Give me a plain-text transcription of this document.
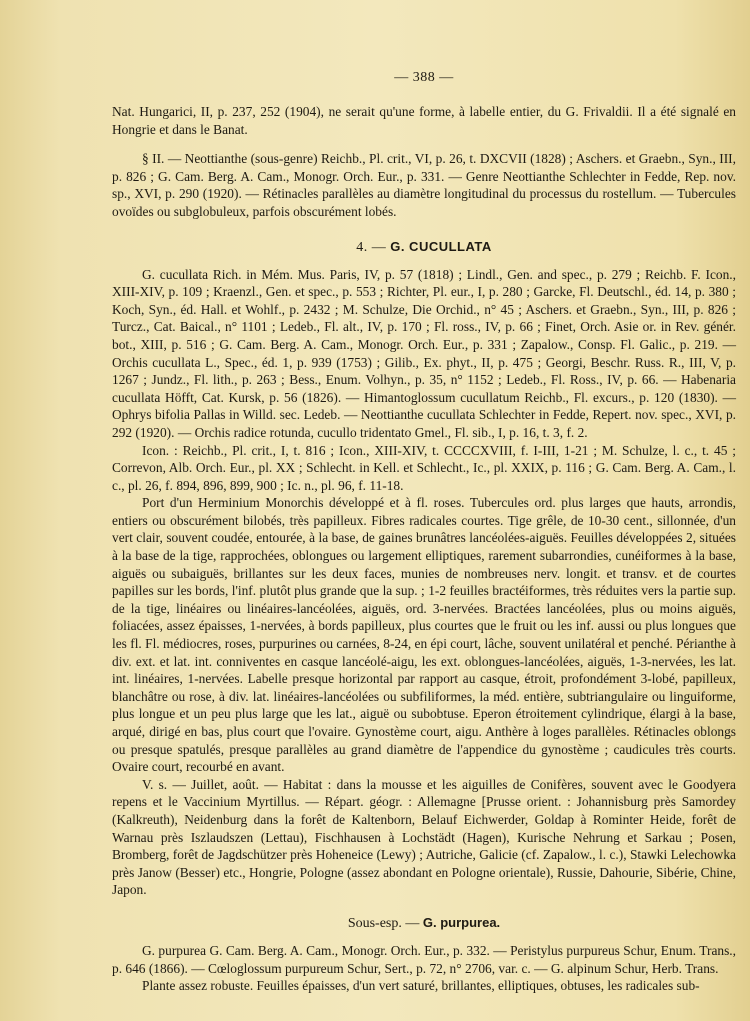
— 388 —

Nat. Hungarici, II, p. 237, 252 (1904), ne serait qu'une forme, à labelle entier, du G. Frivaldii. Il a été signalé en Hongrie et dans le Banat.

§ II. — Neottianthe (sous-genre) Reichb., Pl. crit., VI, p. 26, t. DXCVII (1828) ; Aschers. et Graebn., Syn., III, p. 826 ; G. Cam. Berg. A. Cam., Monogr. Orch. Eur., p. 331. — Genre Neottianthe Schlechter in Fedde, Rep. nov. sp., XVI, p. 290 (1920). — Rétinacles parallèles au diamètre longitudinal du processus du rostellum. — Tubercules ovoïdes ou subglobuleux, parfois obscurément lobés.

4. — G. CUCULLATA

G. cucullata Rich. in Mém. Mus. Paris, IV, p. 57 (1818) ; Lindl., Gen. and spec., p. 279 ; Reichb. F. Icon., XIII-XIV, p. 109 ; Kraenzl., Gen. et spec., p. 553 ; Richter, Pl. eur., I, p. 280 ; Garcke, Fl. Deutschl., éd. 14, p. 380 ; Koch, Syn., éd. Hall. et Wohlf., p. 2432 ; M. Schulze, Die Orchid., n° 45 ; Aschers. et Graebn., Syn., III, p. 826 ; Turcz., Cat. Baical., n° 1101 ; Ledeb., Fl. alt., IV, p. 170 ; Fl. ross., IV, p. 66 ; Finet, Orch. Asie or. in Rev. génér. bot., XIII, p. 516 ; G. Cam. Berg. A. Cam., Monogr. Orch. Eur., p. 331 ; Zapalow., Consp. Fl. Galic., p. 219. — Orchis cucullata L., Spec., éd. 1, p. 939 (1753) ; Gilib., Ex. phyt., II, p. 475 ; Georgi, Beschr. Russ. R., III, V, p. 1267 ; Jundz., Fl. lith., p. 263 ; Bess., Enum. Volhyn., p. 35, n° 1152 ; Ledeb., Fl. Ross., IV, p. 66. — Habenaria cucullata Höfft, Cat. Kursk, p. 56 (1826). — Himantoglossum cucullatum Reichb., Fl. excurs., p. 120 (1830). — Ophrys bifolia Pallas in Willd. sec. Ledeb. — Neottianthe cucullata Schlechter in Fedde, Repert. nov. spec., XVI, p. 292 (1920). — Orchis radice rotunda, cucullo tridentato Gmel., Fl. sib., I, p. 16, t. 3, f. 2.

Icon. : Reichb., Pl. crit., I, t. 816 ; Icon., XIII-XIV, t. CCCCXVIII, f. I-III, 1-21 ; M. Schulze, l. c., t. 45 ; Correvon, Alb. Orch. Eur., pl. XX ; Schlecht. in Kell. et Schlecht., Ic., pl. XXIX, p. 116 ; G. Cam. Berg. A. Cam., l. c., pl. 26, f. 894, 896, 899, 900 ; Ic. n., pl. 96, f. 11-18.

Port d'un Herminium Monorchis développé et à fl. roses. Tubercules ord. plus larges que hauts, arrondis, entiers ou obscurément bilobés, très papilleux. Fibres radicales courtes. Tige grêle, de 10-30 cent., sillonnée, d'un vert clair, souvent coudée, entourée, à la base, de gaines brunâtres lancéolées-aiguës. Feuilles développées 2, situées à la base de la tige, rapprochées, oblongues ou largement elliptiques, rarement subarrondies, cunéiformes à la base, aiguës ou subaiguës, brillantes sur les deux faces, munies de nombreuses nerv. longit. et transv. et de courtes papilles sur les bords, l'inf. plutôt plus grande que la sup. ; 1-2 feuilles bractéiformes, très réduites vers la partie sup. de la tige, linéaires ou linéaires-lancéolées, aiguës, ord. 3-nervées. Bractées lancéolées, plus ou moins aiguës, foliacées, assez épaisses, 1-nervées, à bords papilleux, plus courtes que le fruit ou les inf. aussi ou plus longues que les fl. Fl. médiocres, roses, purpurines ou carnées, 8-24, en épi court, lâche, souvent unilatéral et penché. Périanthe à div. ext. et lat. int. conniventes en casque lancéolé-aigu, les ext. oblongues-lancéolées, aiguës, 1-3-nervées, les lat. int. linéaires, 1-nervées. Labelle presque horizontal par rapport au casque, étroit, profondément 3-lobé, papilleux, blanchâtre ou rose, à div. lat. linéaires-lancéolées ou subfiliformes, la méd. entière, subtriangulaire ou linguiforme, plus longue et un peu plus large que les lat., aiguë ou subobtuse. Eperon étroitement cylindrique, élargi à la base, arqué, dirigé en bas, plus court que l'ovaire. Gynostème court, aigu. Anthère à loges parallèles. Rétinacles oblongs ou presque spatulés, presque parallèles au grand diamètre de l'appendice du gynostème ; caudicules très courts. Ovaire court, recourbé en avant.

V. s. — Juillet, août. — Habitat : dans la mousse et les aiguilles de Conifères, souvent avec le Goodyera repens et le Vaccinium Myrtillus. — Répart. géogr. : Allemagne [Prusse orient. : Johannisburg près Samordey (Kalkreuth), Neidenburg dans la forêt de Kaltenborn, Belauf Eichwerder, Goldap à Rominter Heide, forêt de Warnau près Iszlaudszen (Lettau), Fischhausen à Lochstädt (Hagen), Kurische Nehrung et Sarkau ; Posen, Bromberg, forêt de Jagdschützer près Hoheneice (Lewy) ; Autriche, Galicie (cf. Zapalow., l. c.), Stawki Lelechowka près Janow (Besser) etc., Hongrie, Pologne (assez abondant en Pologne orientale), Russie, Dahourie, Sibérie, Chine, Japon.

Sous-esp. — G. purpurea.

G. purpurea G. Cam. Berg. A. Cam., Monogr. Orch. Eur., p. 332. — Peristylus purpureus Schur, Enum. Trans., p. 646 (1866). — Cœloglossum purpureum Schur, Sert., p. 72, n° 2706, var. c. — G. alpinum Schur, Herb. Trans.

Plante assez robuste. Feuilles épaisses, d'un vert saturé, brillantes, elliptiques, obtuses, les radicales sub-
